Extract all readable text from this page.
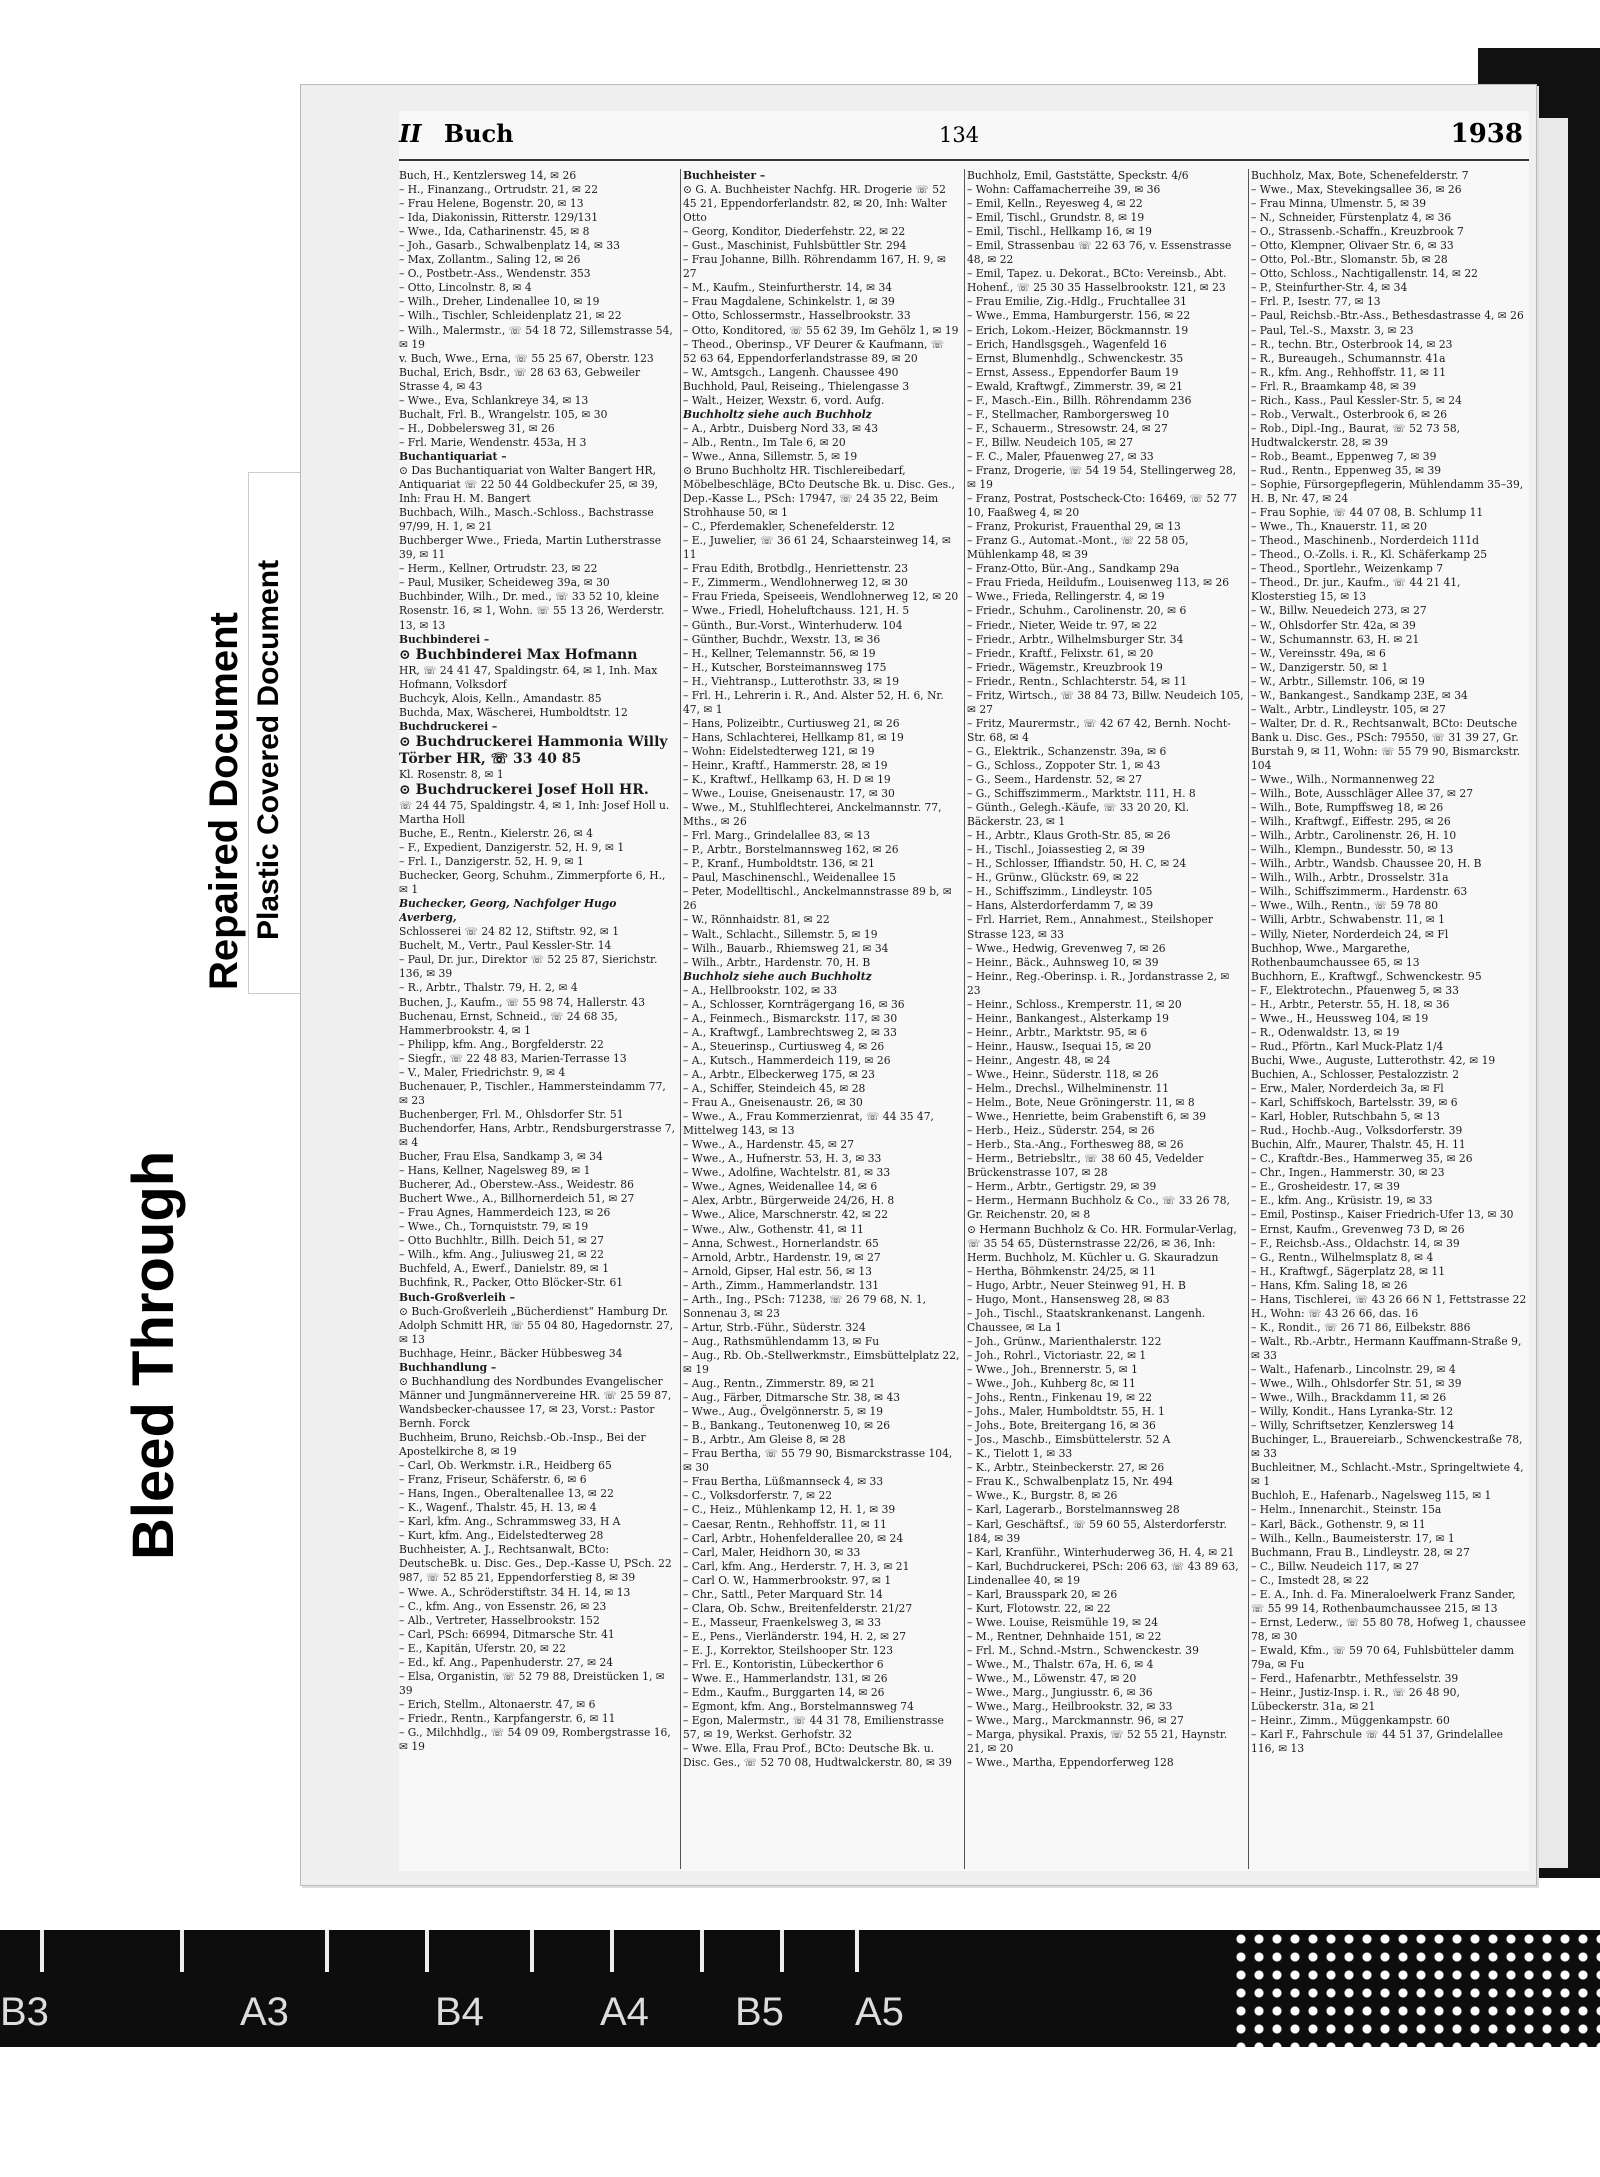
II Buch	134	1938

Buch, H., Kentzlersweg 14, ✉ 26

– H., Finanzang., Ortrudstr. 21, ✉ 22

– Frau Helene, Bogenstr. 20, ✉ 13

– Ida, Diakonissin, Ritterstr. 129/131

– Wwe., Ida, Catharinenstr. 45, ✉ 8

– Joh., Gasarb., Schwalbenplatz 14, ✉ 33

– Max, Zollantm., Saling 12, ✉ 26

– O., Postbetr.-Ass., Wendenstr. 353

– Otto, Lincolnstr. 8, ✉ 4

– Wilh., Dreher, Lindenallee 10, ✉ 19

– Wilh., Tischler, Schleidenplatz 21, ✉ 22

– Wilh., Malermstr., ☏ 54 18 72, Sillemstrasse 54, ✉ 19

v. Buch, Wwe., Erna, ☏ 55 25 67, Oberstr. 123

Buchal, Erich, Bsdr., ☏ 28 63 63, Gebweiler Strasse 4, ✉ 43

– Wwe., Eva, Schlankreye 34, ✉ 13

Buchalt, Frl. B., Wrangelstr. 105, ✉ 30

– H., Dobbelersweg 31, ✉ 26

– Frl. Marie, Wendenstr. 453a, H 3

Buchantiquariat –

⊙ Das Buchantiquariat von Walter Bangert HR, Antiquariat ☏ 22 50 44 Goldbeckufer 25, ✉ 39, Inh: Frau H. M. Bangert

Buchbach, Wilh., Masch.-Schloss., Bachstrasse 97/99, H. 1, ✉ 21

Buchberger Wwe., Frieda, Martin Lutherstrasse 39, ✉ 11

– Herm., Kellner, Ortrudstr. 23, ✉ 22

– Paul, Musiker, Scheideweg 39a, ✉ 30

Buchbinder, Wilh., Dr. med., ☏ 33 52 10, kleine Rosenstr. 16, ✉ 1, Wohn. ☏ 55 13 26, Werderstr. 13, ✉ 13

Buchbinderei –

⊙ Buchbinderei Max Hofmann

HR, ☏ 24 41 47, Spaldingstr. 64, ✉ 1, Inh. Max Hofmann, Volksdorf

Buchcyk, Alois, Kelln., Amandastr. 85

Buchda, Max, Wäscherei, Humboldtstr. 12

Buchdruckerei –

⊙ Buchdruckerei Hammonia Willy Törber HR, ☏ 33 40 85

Kl. Rosenstr. 8, ✉ 1

⊙ Buchdruckerei Josef Holl HR.

☏ 24 44 75, Spaldingstr. 4, ✉ 1, Inh: Josef Holl u. Martha Holl

Buche, E., Rentn., Kielerstr. 26, ✉ 4

– F., Expedient, Danzigerstr. 52, H. 9, ✉ 1

– Frl. I., Danzigerstr. 52, H. 9, ✉ 1

Buchecker, Georg, Schuhm., Zimmerpforte 6, H., ✉ 1

Buchecker, Georg, Nachfolger Hugo Averberg,

Schlosserei ☏ 24 82 12, Stiftstr. 92, ✉ 1

Buchelt, M., Vertr., Paul Kessler-Str. 14

– Paul, Dr. jur., Direktor ☏ 52 25 87, Sierichstr. 136, ✉ 39

– R., Arbtr., Thalstr. 79, H. 2, ✉ 4

Buchen, J., Kaufm., ☏ 55 98 74, Hallerstr. 43

Buchenau, Ernst, Schneid., ☏ 24 68 35, Hammerbrookstr. 4, ✉ 1

– Philipp, kfm. Ang., Borgfelderstr. 22

– Siegfr., ☏ 22 48 83, Marien-Terrasse 13

– V., Maler, Friedrichstr. 9, ✉ 4

Buchenauer, P., Tischler., Hammersteindamm 77, ✉ 23

Buchenberger, Frl. M., Ohlsdorfer Str. 51

Buchendorfer, Hans, Arbtr., Rendsburgerstrasse 7, ✉ 4

Bucher, Frau Elsa, Sandkamp 3, ✉ 34

– Hans, Kellner, Nagelsweg 89, ✉ 1

Bucherer, Ad., Oberstew.-Ass., Weidestr. 86

Buchert Wwe., A., Billhornerdeich 51, ✉ 27

– Frau Agnes, Hammerdeich 123, ✉ 26

– Wwe., Ch., Tornquiststr. 79, ✉ 19

– Otto Buchhltr., Billh. Deich 51, ✉ 27

– Wilh., kfm. Ang., Juliusweg 21, ✉ 22

Buchfeld, A., Ewerf., Danielstr. 89, ✉ 1

Buchfink, R., Packer, Otto Blöcker-Str. 61

Buch-Großverleih –

⊙ Buch-Großverleih „Bücherdienst“ Hamburg Dr. Adolph Schmitt HR, ☏ 55 04 80, Hagedornstr. 27, ✉ 13

Buchhage, Heinr., Bäcker Hübbesweg 34

Buchhandlung –

⊙ Buchhandlung des Nordbundes Evangelischer Männer und Jungmännervereine HR. ☏ 25 59 87, Wandsbecker-chaussee 17, ✉ 23, Vorst.: Pastor Bernh. Forck

Buchheim, Bruno, Reichsb.-Ob.-Insp., Bei der Apostelkirche 8, ✉ 19

– Carl, Ob. Werkmstr. i.R., Heidberg 65

– Franz, Friseur, Schäferstr. 6, ✉ 6

– Hans, Ingen., Oberaltenallee 13, ✉ 22

– K., Wagenf., Thalstr. 45, H. 13, ✉ 4

– Karl, kfm. Ang., Schrammsweg 33, H A

– Kurt, kfm. Ang., Eidelstedterweg 28

Buchheister, A. J., Rechtsanwalt, BCto: DeutscheBk. u. Disc. Ges., Dep.-Kasse U, PSch. 22 987, ☏ 52 85 21, Eppendorferstieg 8, ✉ 39

– Wwe. A., Schröderstiftstr. 34 H. 14, ✉ 13

– C., kfm. Ang., von Essenstr. 26, ✉ 23

– Alb., Vertreter, Hasselbrookstr. 152

– Carl, PSch: 66994, Ditmarsche Str. 41

– E., Kapitän, Uferstr. 20, ✉ 22

– Ed., kf. Ang., Papenhuderstr. 27, ✉ 24

– Elsa, Organistin, ☏ 52 79 88, Dreistücken 1, ✉ 39

– Erich, Stellm., Altonaerstr. 47, ✉ 6

– Friedr., Rentn., Karpfangerstr. 6, ✉ 11

– G., Milchhdlg., ☏ 54 09 09, Rombergstrasse 16, ✉ 19

Buchheister –

⊙ G. A. Buchheister Nachfg. HR. Drogerie ☏ 52 45 21, Eppendorferlandstr. 82, ✉ 20, Inh: Walter Otto

– Georg, Konditor, Diederfehstr. 22, ✉ 22

– Gust., Maschinist, Fuhlsbüttler Str. 294

– Frau Johanne, Billh. Röhrendamm 167, H. 9, ✉ 27

– M., Kaufm., Steinfurtherstr. 14, ✉ 34

– Frau Magdalene, Schinkelstr. 1, ✉ 39

– Otto, Schlossermstr., Hasselbrookstr. 33

– Otto, Konditored, ☏ 55 62 39, Im Gehölz 1, ✉ 19

– Theod., Oberinsp., VF Deurer & Kaufmann, ☏ 52 63 64, Eppendorferlandstrasse 89, ✉ 20

– W., Amtsgch., Langenh. Chaussee 490

Buchhold, Paul, Reiseing., Thielengasse 3

– Walt., Heizer, Wexstr. 6, vord. Aufg.

Buchholtz siehe auch Buchholz

– A., Arbtr., Duisberg Nord 33, ✉ 43

– Alb., Rentn., Im Tale 6, ✉ 20

– Wwe., Anna, Sillemstr. 5, ✉ 19

⊙ Bruno Buchholtz HR. Tischlereibedarf, Möbelbeschläge, BCto Deutsche Bk. u. Disc. Ges., Dep.-Kasse L., PSch: 17947, ☏ 24 35 22, Beim Strohhause 50, ✉ 1

– C., Pferdemakler, Schenefelderstr. 12

– E., Juwelier, ☏ 36 61 24, Schaarsteinweg 14, ✉ 11

– Frau Edith, Brotbdlg., Henriettenstr. 23

– F., Zimmerm., Wendlohnerweg 12, ✉ 30

– Frau Frieda, Speiseeis, Wendlohnerweg 12, ✉ 20

– Wwe., Friedl, Hoheluftchauss. 121, H. 5

– Günth., Bur.-Vorst., Winterhuderw. 104

– Günther, Buchdr., Wexstr. 13, ✉ 36

– H., Kellner, Telemannstr. 56, ✉ 19

– H., Kutscher, Borsteimannsweg 175

– H., Viehtransp., Lutterothstr. 33, ✉ 19

– Frl. H., Lehrerin i. R., And. Alster 52, H. 6, Nr. 47, ✉ 1

– Hans, Polizeibtr., Curtiusweg 21, ✉ 26

– Hans, Schlachterei, Hellkamp 81, ✉ 19

– Wohn: Eidelstedterweg 121, ✉ 19

– Heinr., Kraftf., Hammerstr. 28, ✉ 19

– K., Kraftwf., Hellkamp 63, H. D ✉ 19

– Wwe., Louise, Gneisenaustr. 17, ✉ 30

– Wwe., M., Stuhlflechterei, Anckelmannstr. 77, Mths., ✉ 26

– Frl. Marg., Grindelallee 83, ✉ 13

– P., Arbtr., Borstelmannsweg 162, ✉ 26

– P., Kranf., Humboldtstr. 136, ✉ 21

– Paul, Maschinenschl., Weidenallee 15

– Peter, Modelltischl., Anckelmannstrasse 89 b, ✉ 26

– W., Rönnhaidstr. 81, ✉ 22

– Walt., Schlacht., Sillemstr. 5, ✉ 19

– Wilh., Bauarb., Rhiemsweg 21, ✉ 34

– Wilh., Arbtr., Hardenstr. 70, H. B

Buchholz siehe auch Buchholtz

– A., Hellbrookstr. 102, ✉ 33

– A., Schlosser, Kornträgergang 16, ✉ 36

– A., Feinmech., Bismarckstr. 117, ✉ 30

– A., Kraftwgf., Lambrechtsweg 2, ✉ 33

– A., Steuerinsp., Curtiusweg 4, ✉ 26

– A., Kutsch., Hammerdeich 119, ✉ 26

– A., Arbtr., Elbeckerweg 175, ✉ 23

– A., Schiffer, Steindeich 45, ✉ 28

– Frau A., Gneisenaustr. 26, ✉ 30

– Wwe., A., Frau Kommerzienrat, ☏ 44 35 47, Mittelweg 143, ✉ 13

– Wwe., A., Hardenstr. 45, ✉ 27

– Wwe., A., Hufnerstr. 53, H. 3, ✉ 33

– Wwe., Adolfine, Wachtelstr. 81, ✉ 33

– Wwe., Agnes, Weidenallee 14, ✉ 6

– Alex, Arbtr., Bürgerweide 24/26, H. 8

– Wwe., Alice, Marschnerstr. 42, ✉ 22

– Wwe., Alw., Gothenstr. 41, ✉ 11

– Anna, Schwest., Hornerlandstr. 65

– Arnold, Arbtr., Hardenstr. 19, ✉ 27

– Arnold, Gipser, Hal estr. 56, ✉ 13

– Arth., Zimm., Hammerlandstr. 131

– Arth., Ing., PSch: 71238, ☏ 26 79 68, N. 1, Sonnenau 3, ✉ 23

– Artur, Strb.-Führ., Süderstr. 324

– Aug., Rathsmühlendamm 13, ✉ Fu

– Aug., Rb. Ob.-Stellwerkmstr., Eimsbüttelplatz 22, ✉ 19

– Aug., Rentn., Zimmerstr. 89, ✉ 21

– Aug., Färber, Ditmarsche Str. 38, ✉ 43

– Wwe., Aug., Övelgönnerstr. 5, ✉ 19

– B., Bankang., Teutonenweg 10, ✉ 26

– B., Arbtr., Am Gleise 8, ✉ 28

– Frau Bertha, ☏ 55 79 90, Bismarckstrasse 104, ✉ 30

– Frau Bertha, Lüßmannseck 4, ✉ 33

– C., Volksdorferstr. 7, ✉ 22

– C., Heiz., Mühlenkamp 12, H. 1, ✉ 39

– Caesar, Rentn., Rehhoffstr. 11, ✉ 11

– Carl, Arbtr., Hohenfelderallee 20, ✉ 24

– Carl, Maler, Heidhorn 30, ✉ 33

– Carl, kfm. Ang., Herderstr. 7, H. 3, ✉ 21

– Carl O. W., Hammerbrookstr. 97, ✉ 1

– Chr., Sattl., Peter Marquard Str. 14

– Clara, Ob. Schw., Breitenfelderstr. 21/27

– E., Masseur, Fraenkelsweg 3, ✉ 33

– E., Pens., Vierländerstr. 194, H. 2, ✉ 27

– E. J., Korrektor, Steilshooper Str. 123

– Frl. E., Kontoristin, Lübeckerthor 6

– Wwe. E., Hammerlandstr. 131, ✉ 26

– Edm., Kaufm., Burggarten 14, ✉ 26

– Egmont, kfm. Ang., Borstelmannsweg 74

– Egon, Malermstr., ☏ 44 31 78, Emilienstrasse 57, ✉ 19, Werkst. Gerhofstr. 32

– Wwe. Ella, Frau Prof., BCto: Deutsche Bk. u. Disc. Ges., ☏ 52 70 08, Hudtwalckerstr. 80, ✉ 39

Buchholz, Emil, Gaststätte, Speckstr. 4/6

– Wohn: Caffamacherreihe 39, ✉ 36

– Emil, Kelln., Reyesweg 4, ✉ 22

– Emil, Tischl., Grundstr. 8, ✉ 19

– Emil, Tischl., Hellkamp 16, ✉ 19

– Emil, Strassenbau ☏ 22 63 76, v. Essenstrasse 48, ✉ 22

– Emil, Tapez. u. Dekorat., BCto: Vereinsb., Abt. Hohenf., ☏ 25 30 35 Hasselbrookstr. 121, ✉ 23

– Frau Emilie, Zig.-Hdlg., Fruchtallee 31

– Wwe., Emma, Hamburgerstr. 156, ✉ 22

– Erich, Lokom.-Heizer, Böckmannstr. 19

– Erich, Handlsgsgeh., Wagenfeld 16

– Ernst, Blumenhdlg., Schwenckestr. 35

– Ernst, Assess., Eppendorfer Baum 19

– Ewald, Kraftwgf., Zimmerstr. 39, ✉ 21

– F., Masch.-Ein., Billh. Röhrendamm 236

– F., Stellmacher, Ramborgersweg 10

– F., Schauerm., Stresowstr. 24, ✉ 27

– F., Billw. Neudeich 105, ✉ 27

– F. C., Maler, Pfauenweg 27, ✉ 33

– Franz, Drogerie, ☏ 54 19 54, Stellingerweg 28, ✉ 19

– Franz, Postrat, Postscheck-Cto: 16469, ☏ 52 77 10, Faaßweg 4, ✉ 20

– Franz, Prokurist, Frauenthal 29, ✉ 13

– Franz G., Automat.-Mont., ☏ 22 58 05, Mühlenkamp 48, ✉ 39

– Franz-Otto, Bür.-Ang., Sandkamp 29a

– Frau Frieda, Heildufm., Louisenweg 113, ✉ 26

– Wwe., Frieda, Rellingerstr. 4, ✉ 19

– Friedr., Schuhm., Carolinenstr. 20, ✉ 6

– Friedr., Nieter, Weide tr. 97, ✉ 22

– Friedr., Arbtr., Wilhelmsburger Str. 34

– Friedr., Kraftf., Felixstr. 61, ✉ 20

– Friedr., Wägemstr., Kreuzbrook 19

– Friedr., Rentn., Schlachterstr. 54, ✉ 11

– Fritz, Wirtsch., ☏ 38 84 73, Billw. Neudeich 105, ✉ 27

– Fritz, Maurermstr., ☏ 42 67 42, Bernh. Nocht-Str. 68, ✉ 4

– G., Elektrik., Schanzenstr. 39a, ✉ 6

– G., Schloss., Zoppoter Str. 1, ✉ 43

– G., Seem., Hardenstr. 52, ✉ 27

– G., Schiffszimmerm., Marktstr. 111, H. 8

– Günth., Gelegh.-Käufe, ☏ 33 20 20, Kl. Bäckerstr. 23, ✉ 1

– H., Arbtr., Klaus Groth-Str. 85, ✉ 26

– H., Tischl., Joiassestieg 2, ✉ 39

– H., Schlosser, Iffiandstr. 50, H. C, ✉ 24

– H., Grünw., Glückstr. 69, ✉ 22

– H., Schiffszimm., Lindleystr. 105

– Hans, Alsterdorferdamm 7, ✉ 39

– Frl. Harriet, Rem., Annahmest., Steilshoper Strasse 123, ✉ 33

– Wwe., Hedwig, Grevenweg 7, ✉ 26

– Heinr., Bäck., Auhnsweg 10, ✉ 39

– Heinr., Reg.-Oberinsp. i. R., Jordanstrasse 2, ✉ 23

– Heinr., Schloss., Kremperstr. 11, ✉ 20

– Heinr., Bankangest., Alsterkamp 19

– Heinr., Arbtr., Marktstr. 95, ✉ 6

– Heinr., Hausw., Isequai 15, ✉ 20

– Heinr., Angestr. 48, ✉ 24

– Wwe., Heinr., Süderstr. 118, ✉ 26

– Helm., Drechsl., Wilhelminenstr. 11

– Helm., Bote, Neue Gröningerstr. 11, ✉ 8

– Wwe., Henriette, beim Grabenstift 6, ✉ 39

– Herb., Heiz., Süderstr. 254, ✉ 26

– Herb., Sta.-Ang., Forthesweg 88, ✉ 26

– Herm., Betriebsltr., ☏ 38 60 45, Vedelder Brückenstrasse 107, ✉ 28

– Herm., Arbtr., Gertigstr. 29, ✉ 39

– Herm., Hermann Buchholz & Co., ☏ 33 26 78, Gr. Reichenstr. 20, ✉ 8

⊙ Hermann Buchholz & Co. HR. Formular-Verlag, ☏ 35 54 65, Düsternstrasse 22/26, ✉ 36, Inh: Herm. Buchholz, M. Küchler u. G. Skauradzun

– Hertha, Böhmkenstr. 24/25, ✉ 11

– Hugo, Arbtr., Neuer Steinweg 91, H. B

– Hugo, Mont., Hansensweg 28, ✉ 83

– Joh., Tischl., Staatskrankenanst. Langenh. Chaussee, ✉ La 1

– Joh., Grünw., Marienthalerstr. 122

– Joh., Rohrl., Victoriastr. 22, ✉ 1

– Wwe., Joh., Brennerstr. 5, ✉ 1

– Wwe., Joh., Kuhberg 8c, ✉ 11

– Johs., Rentn., Finkenau 19, ✉ 22

– Johs., Maler, Humboldtstr. 55, H. 1

– Johs., Bote, Breitergang 16, ✉ 36

– Jos., Maschb., Eimsbüttelerstr. 52 A

– K., Tielott 1, ✉ 33

– K., Arbtr., Steinbeckerstr. 27, ✉ 26

– Frau K., Schwalbenplatz 15, Nr. 494

– Wwe., K., Burgstr. 8, ✉ 26

– Karl, Lagerarb., Borstelmannsweg 28

– Karl, Geschäftsf., ☏ 59 60 55, Alsterdorferstr. 184, ✉ 39

– Karl, Kranführ., Winterhuderweg 36, H. 4, ✉ 21

– Karl, Buchdruckerei, PSch: 206 63, ☏ 43 89 63, Lindenallee 40, ✉ 19

– Karl, Brausspark 20, ✉ 26

– Kurt, Flotowstr. 22, ✉ 22

– Wwe. Louise, Reismühle 19, ✉ 24

– M., Rentner, Dehnhaide 151, ✉ 22

– Frl. M., Schnd.-Mstrn., Schwenckestr. 39

– Wwe., M., Thalstr. 67a, H. 6, ✉ 4

– Wwe., M., Löwenstr. 47, ✉ 20

– Wwe., Marg., Jungiusstr. 6, ✉ 36

– Wwe., Marg., Heilbrookstr. 32, ✉ 33

– Wwe., Marg., Marckmannstr. 96, ✉ 27

– Marga, physikal. Praxis, ☏ 52 55 21, Haynstr. 21, ✉ 20

– Wwe., Martha, Eppendorferweg 128

Buchholz, Max, Bote, Schenefelderstr. 7

– Wwe., Max, Stevekingsallee 36, ✉ 26

– Frau Minna, Ulmenstr. 5, ✉ 39

– N., Schneider, Fürstenplatz 4, ✉ 36

– O., Strassenb.-Schaffn., Kreuzbrook 7

– Otto, Klempner, Olivaer Str. 6, ✉ 33

– Otto, Pol.-Btr., Slomanstr. 5b, ✉ 28

– Otto, Schloss., Nachtigallenstr. 14, ✉ 22

– P., Steinfurther-Str. 4, ✉ 34

– Frl. P., Isestr. 77, ✉ 13

– Paul, Reichsb.-Btr.-Ass., Bethesdastrasse 4, ✉ 26

– Paul, Tel.-S., Maxstr. 3, ✉ 23

– R., techn. Btr., Osterbrook 14, ✉ 23

– R., Bureaugeh., Schumannstr. 41a

– R., kfm. Ang., Rehhoffstr. 11, ✉ 11

– Frl. R., Braamkamp 48, ✉ 39

– Rich., Kass., Paul Kessler-Str. 5, ✉ 24

– Rob., Verwalt., Osterbrook 6, ✉ 26

– Rob., Dipl.-Ing., Baurat, ☏ 52 73 58, Hudtwalckerstr. 28, ✉ 39

– Rob., Beamt., Eppenweg 7, ✉ 39

– Rud., Rentn., Eppenweg 35, ✉ 39

– Sophie, Fürsorgepflegerin, Mühlendamm 35–39, H. B, Nr. 47, ✉ 24

– Frau Sophie, ☏ 44 07 08, B. Schlump 11

– Wwe., Th., Knauerstr. 11, ✉ 20

– Theod., Maschinenb., Norderdeich 111d

– Theod., O.-Zolls. i. R., Kl. Schäferkamp 25

– Theod., Sportlehr., Weizenkamp 7

– Theod., Dr. jur., Kaufm., ☏ 44 21 41, Klosterstieg 15, ✉ 13

– W., Billw. Neuedeich 273, ✉ 27

– W., Ohlsdorfer Str. 42a, ✉ 39

– W., Schumannstr. 63, H. ✉ 21

– W., Vereinsstr. 49a, ✉ 6

– W., Danzigerstr. 50, ✉ 1

– W., Arbtr., Sillemstr. 106, ✉ 19

– W., Bankangest., Sandkamp 23E, ✉ 34

– Walt., Arbtr., Lindleystr. 105, ✉ 27

– Walter, Dr. d. R., Rechtsanwalt, BCto: Deutsche Bank u. Disc. Ges., PSch: 79550, ☏ 31 39 27, Gr. Burstah 9, ✉ 11, Wohn: ☏ 55 79 90, Bismarckstr. 104

– Wwe., Wilh., Normannenweg 22

– Wilh., Bote, Ausschläger Allee 37, ✉ 27

– Wilh., Bote, Rumpffsweg 18, ✉ 26

– Wilh., Kraftwgf., Eiffestr. 295, ✉ 26

– Wilh., Arbtr., Carolinenstr. 26, H. 10

– Wilh., Klempn., Bundesstr. 50, ✉ 13

– Wilh., Arbtr., Wandsb. Chaussee 20, H. B

– Wilh., Wilh., Arbtr., Drosselstr. 31a

– Wilh., Schiffszimmerm., Hardenstr. 63

– Wwe., Wilh., Rentn., ☏ 59 78 80

– Willi, Arbtr., Schwabenstr. 11, ✉ 1

– Willy, Nieter, Norderdeich 24, ✉ Fl

Buchhop, Wwe., Margarethe, Rothenbaumchaussee 65, ✉ 13

Buchhorn, E., Kraftwgf., Schwenckestr. 95

– F., Elektrotechn., Pfauenweg 5, ✉ 33

– H., Arbtr., Peterstr. 55, H. 18, ✉ 36

– Wwe., H., Heussweg 104, ✉ 19

– R., Odenwaldstr. 13, ✉ 19

– Rud., Pförtn., Karl Muck-Platz 1/4

Buchi, Wwe., Auguste, Lutterothstr. 42, ✉ 19

Buchien, A., Schlosser, Pestalozzistr. 2

– Erw., Maler, Norderdeich 3a, ✉ Fl

– Karl, Schiffskoch, Bartelsstr. 39, ✉ 6

– Karl, Hobler, Rutschbahn 5, ✉ 13

– Rud., Hochb.-Aug., Volksdorferstr. 39

Buchin, Alfr., Maurer, Thalstr. 45, H. 11

– C., Kraftdr.-Bes., Hammerweg 35, ✉ 26

– Chr., Ingen., Hammerstr. 30, ✉ 23

– E., Grosheidestr. 17, ✉ 39

– E., kfm. Ang., Krüsistr. 19, ✉ 33

– Emil, Postinsp., Kaiser Friedrich-Ufer 13, ✉ 30

– Ernst, Kaufm., Grevenweg 73 D, ✉ 26

– F., Reichsb.-Ass., Oldachstr. 14, ✉ 39

– G., Rentn., Wilhelmsplatz 8, ✉ 4

– H., Kraftwgf., Sägerplatz 28, ✉ 11

– Hans, Kfm. Saling 18, ✉ 26

– Hans, Tischlerei, ☏ 43 26 66 N 1, Fettstrasse 22 H., Wohn: ☏ 43 26 66, das. 16

– K., Rondit., ☏ 26 71 86, Eilbekstr. 886

– Walt., Rb.-Arbtr., Hermann Kauffmann-Straße 9, ✉ 33

– Walt., Hafenarb., Lincolnstr. 29, ✉ 4

– Wwe., Wilh., Ohlsdorfer Str. 51, ✉ 39

– Wwe., Wilh., Brackdamm 11, ✉ 26

– Willy, Kondit., Hans Lyranka-Str. 12

– Willy, Schriftsetzer, Kenzlersweg 14

Buchinger, L., Brauereiarb., Schwenckestraße 78, ✉ 33

Buchleitner, M., Schlacht.-Mstr., Springeltwiete 4, ✉ 1

Buchloh, E., Hafenarb., Nagelsweg 115, ✉ 1

– Helm., Innenarchit., Steinstr. 15a

– Karl, Bäck., Gothenstr. 9, ✉ 11

– Wilh., Kelln., Baumeisterstr. 17, ✉ 1

Buchmann, Frau B., Lindleystr. 28, ✉ 27

– C., Billw. Neudeich 117, ✉ 27

– C., Imstedt 28, ✉ 22

– E. A., Inh. d. Fa. Mineraloelwerk Franz Sander, ☏ 55 99 14, Rothenbaumchaussee 215, ✉ 13

– Ernst, Lederw., ☏ 55 80 78, Hofweg 1, chaussee 78, ✉ 30

– Ewald, Kfm., ☏ 59 70 64, Fuhlsbütteler damm 79a, ✉ Fu

– Ferd., Hafenarbtr., Methfesselstr. 39

– Heinr., Justiz-Insp. i. R., ☏ 26 48 90, Lübeckerstr. 31a, ✉ 21

– Heinr., Zimm., Müggenkampstr. 60

– Karl F., Fahrschule ☏ 44 51 37, Grindelallee 116, ✉ 13

Bleed Through
Repaired Document Plastic Covered Document
B3	A3	B4	A4 B5 A5
